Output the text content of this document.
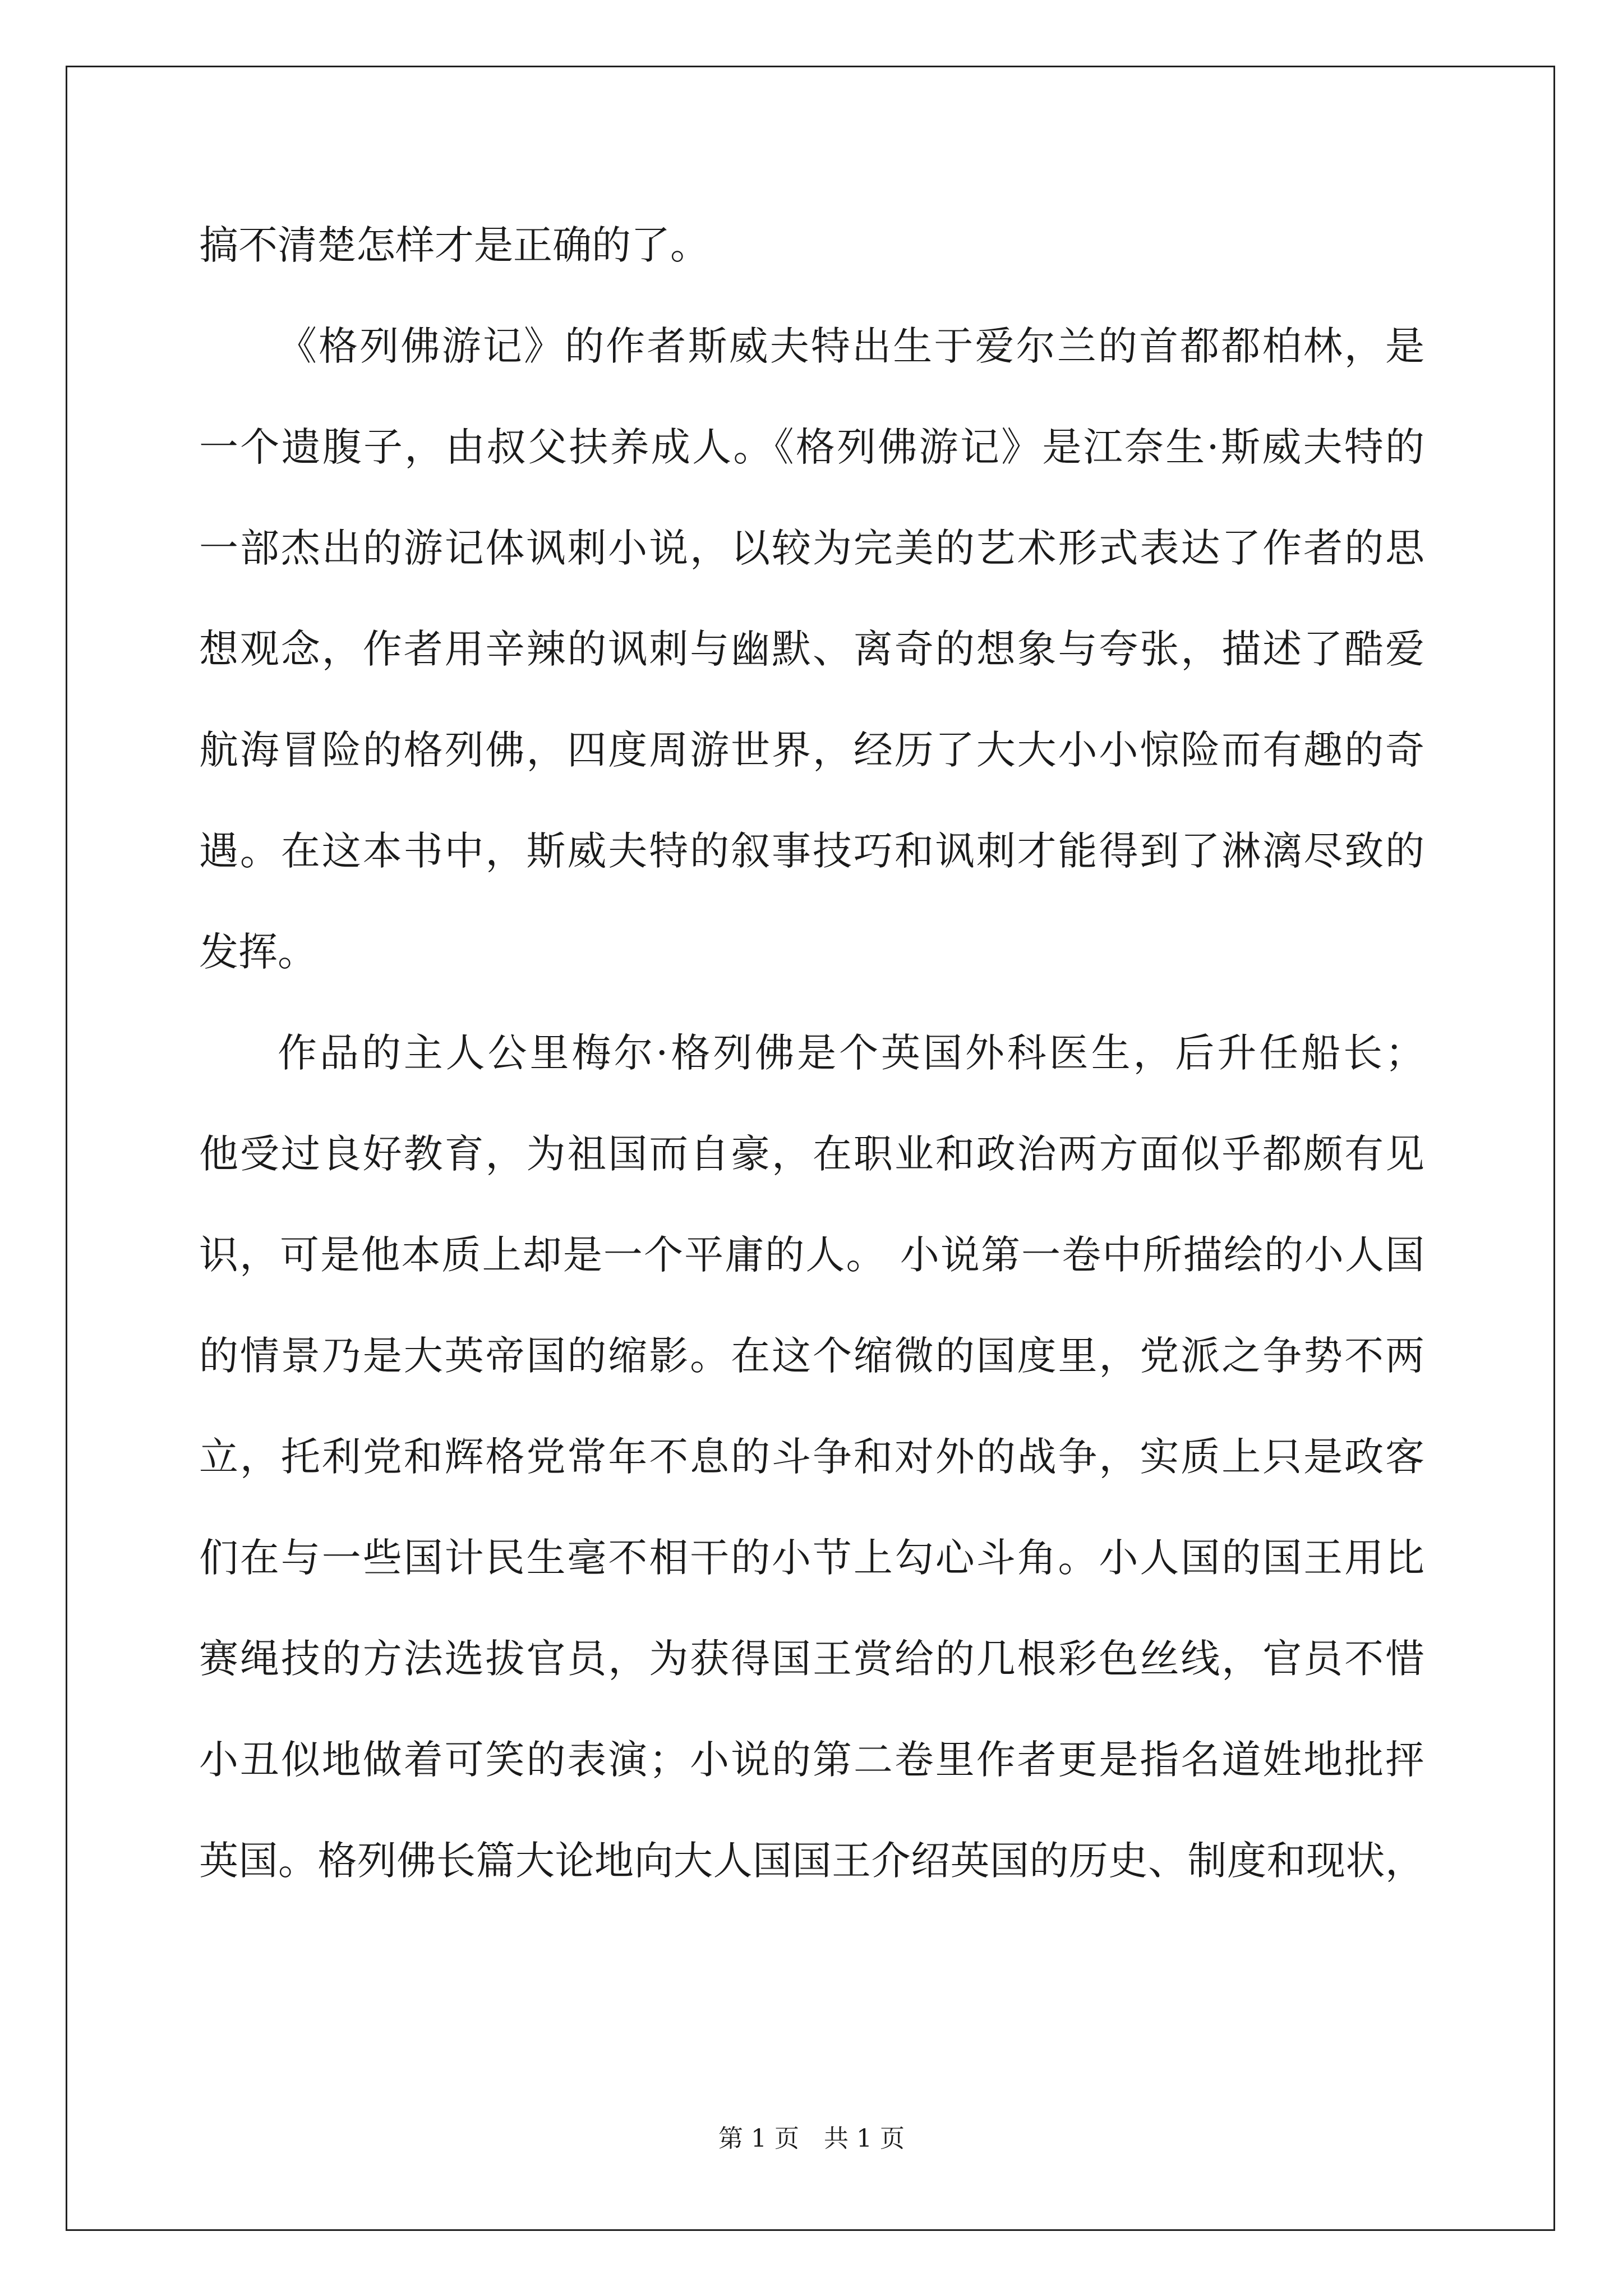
搞不清楚怎样才是正确的了。
《格列佛游记》的作者斯威夫特出生于爱尔兰的首都都柏林，是
一个遗腹子，由叔父扶养成人。《格列佛游记》是江奈生·斯威夫特的
一部杰出的游记体讽刺小说，以较为完美的艺术形式表达了作者的思
想观念，作者用辛辣的讽刺与幽默、离奇的想象与夸张，描述了酷爱
航海冒险的格列佛，四度周游世界，经历了大大小小惊险而有趣的奇
遇。在这本书中，斯威夫特的叙事技巧和讽刺才能得到了淋漓尽致的
发挥。
作品的主人公里梅尔·格列佛是个英国外科医生，后升任船长；
他受过良好教育，为祖国而自豪，在职业和政治两方面似乎都颇有见
识，可是他本质上却是一个平庸的人。 小说第一卷中所描绘的小人国
的情景乃是大英帝国的缩影。在这个缩微的国度里，党派之争势不两
立，托利党和辉格党常年不息的斗争和对外的战争，实质上只是政客
们在与一些国计民生毫不相干的小节上勾心斗角。小人国的国王用比
赛绳技的方法选拔官员，为获得国王赏给的几根彩色丝线，官员不惜
小丑似地做着可笑的表演；小说的第二卷里作者更是指名道姓地批抨
英国。格列佛长篇大论地向大人国国王介绍英国的历史、制度和现状，
第 1 页　共 1 页
